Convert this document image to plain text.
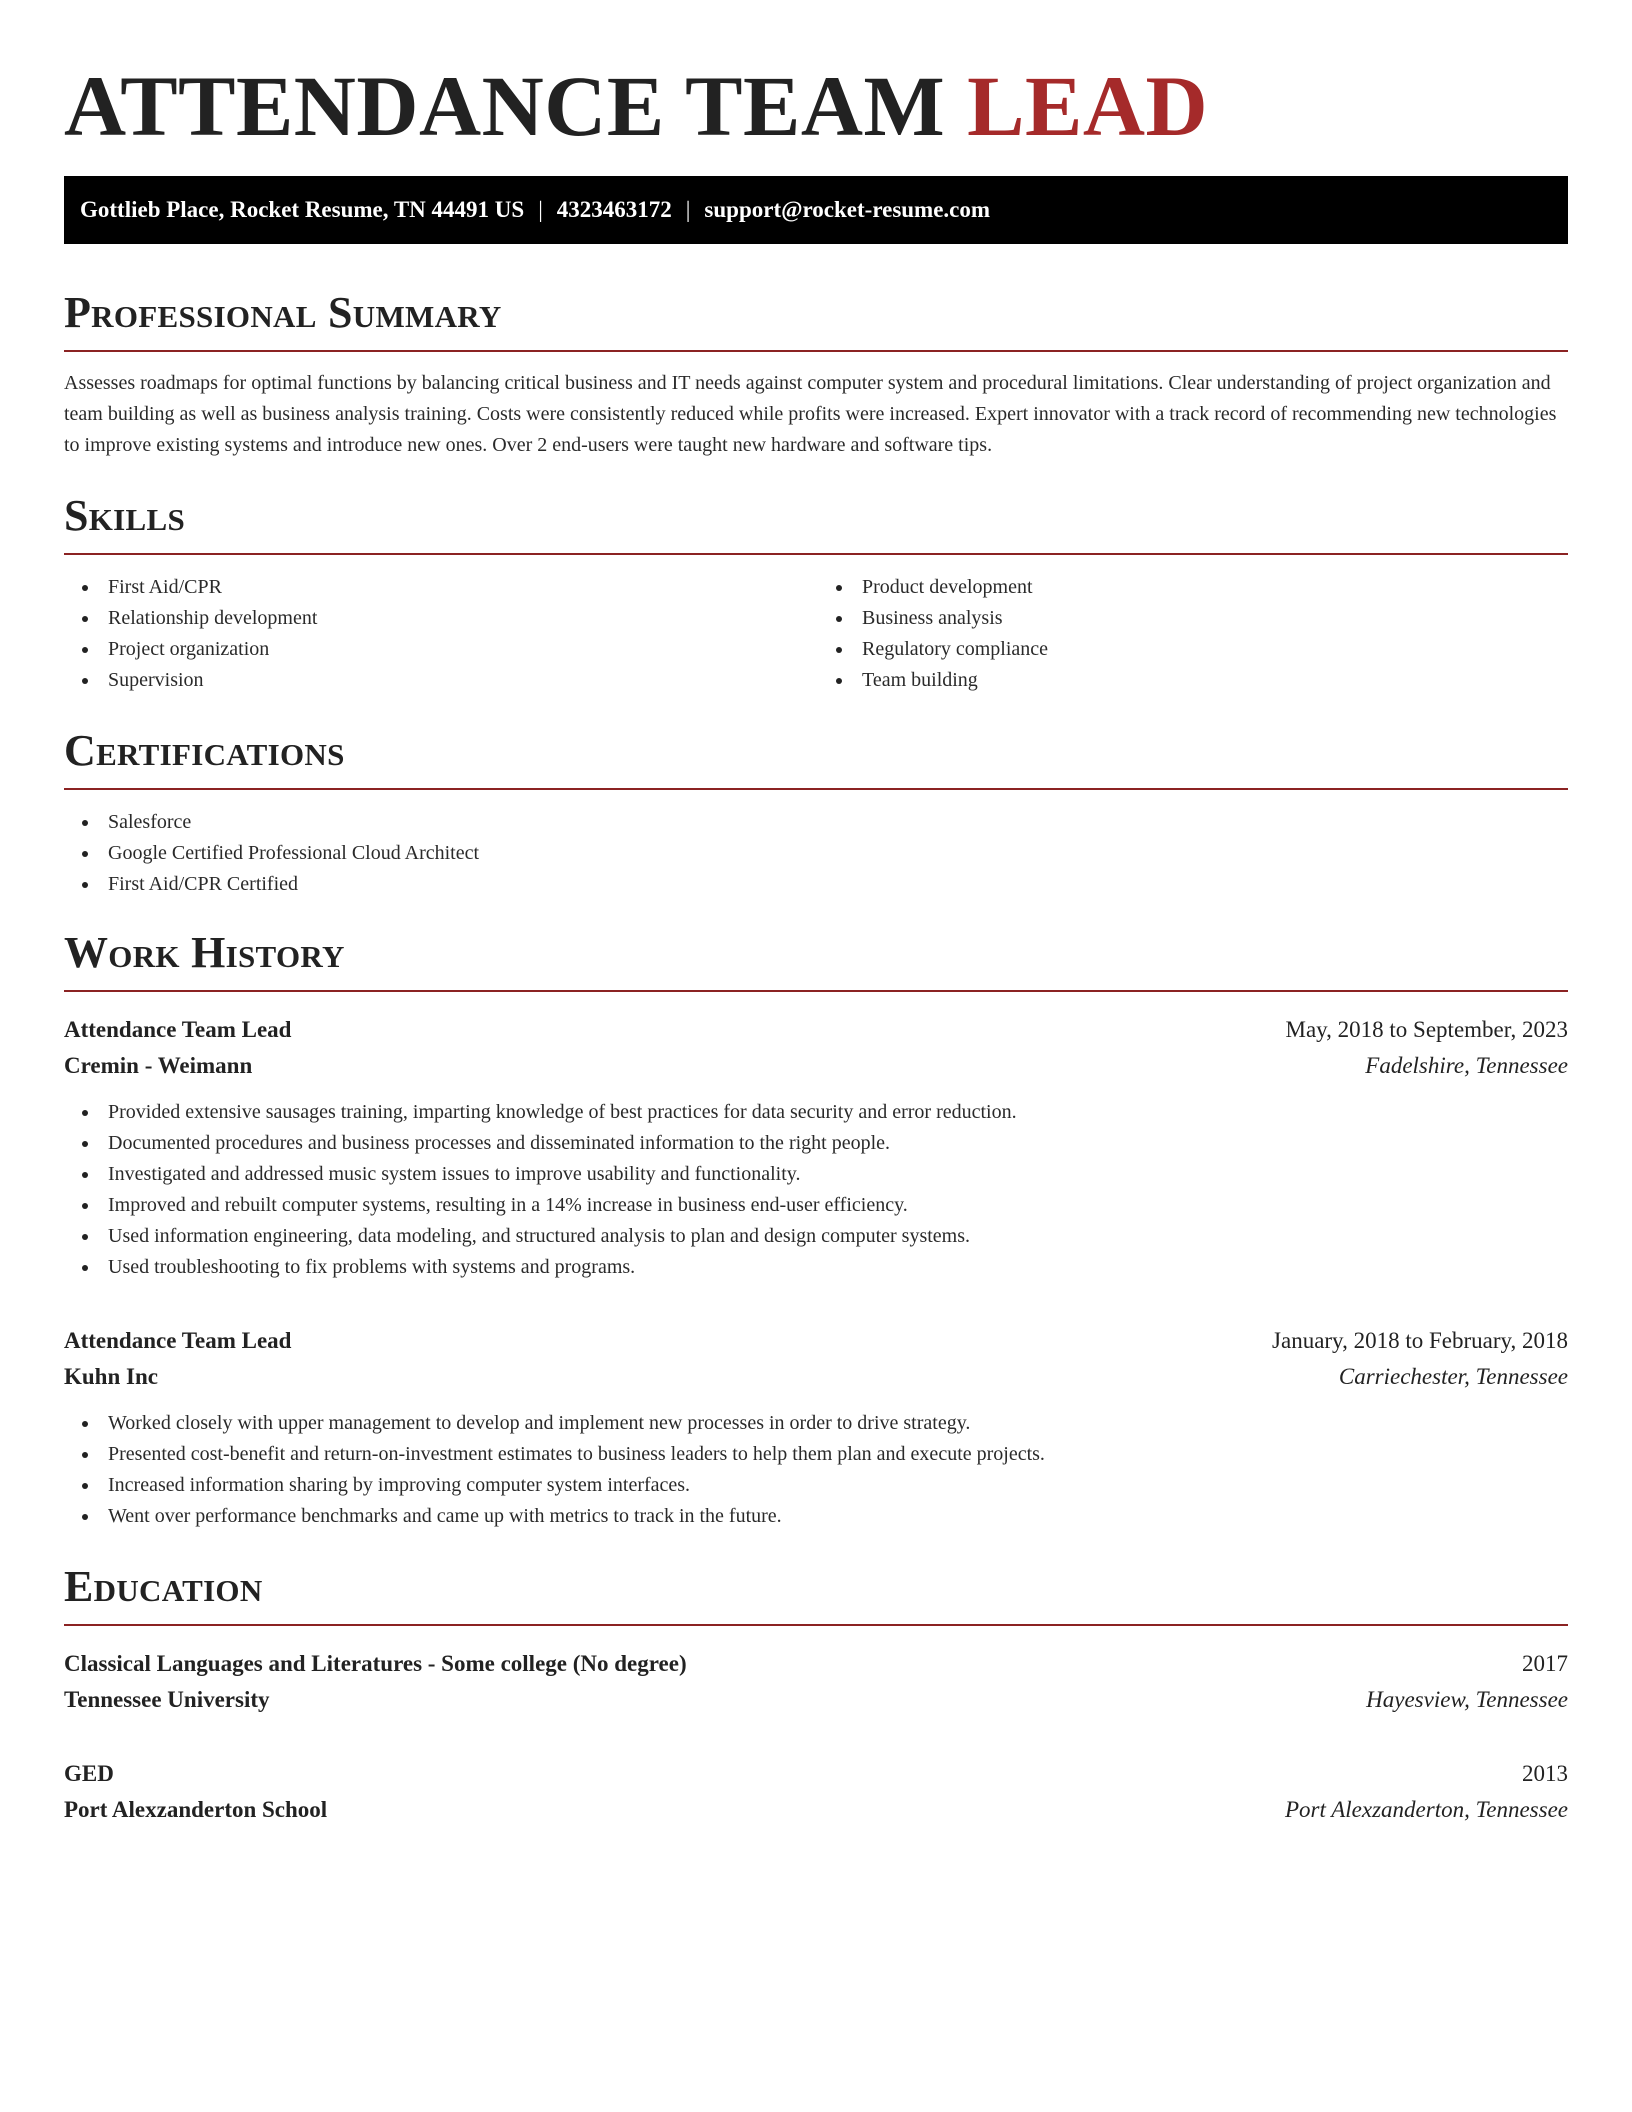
ATTENDANCE TEAM LEAD
Gottlieb Place, Rocket Resume, TN 44491 US | 4323463172 | support@rocket-resume.com
Professional Summary

Assesses roadmaps for optimal functions by balancing critical business and IT needs against computer system and procedural limitations. Clear understanding of project organization and team building as well as business analysis training. Costs were consistently reduced while profits were increased. Expert innovator with a track record of recommending new technologies to improve existing systems and introduce new ones. Over 2 end-users were taught new hardware and software tips.

Skills
First Aid/CPR
Relationship development
Project organization
Supervision
Product development
Business analysis
Regulatory compliance
Team building
Certifications
Salesforce
Google Certified Professional Cloud Architect
First Aid/CPR Certified
Work History
Attendance Team Lead	May, 2018 to September, 2023
Cremin - Weimann	Fadelshire, Tennessee
Provided extensive sausages training, imparting knowledge of best practices for data security and error reduction.
Documented procedures and business processes and disseminated information to the right people.
Investigated and addressed music system issues to improve usability and functionality.
Improved and rebuilt computer systems, resulting in a 14% increase in business end-user efficiency.
Used information engineering, data modeling, and structured analysis to plan and design computer systems.
Used troubleshooting to fix problems with systems and programs.
Attendance Team Lead	January, 2018 to February, 2018
Kuhn Inc	Carriechester, Tennessee
Worked closely with upper management to develop and implement new processes in order to drive strategy.
Presented cost-benefit and return-on-investment estimates to business leaders to help them plan and execute projects.
Increased information sharing by improving computer system interfaces.
Went over performance benchmarks and came up with metrics to track in the future.
Education
Classical Languages and Literatures - Some college (No degree)	2017
Tennessee University	Hayesview, Tennessee
GED	2013
Port Alexzanderton School	Port Alexzanderton, Tennessee
